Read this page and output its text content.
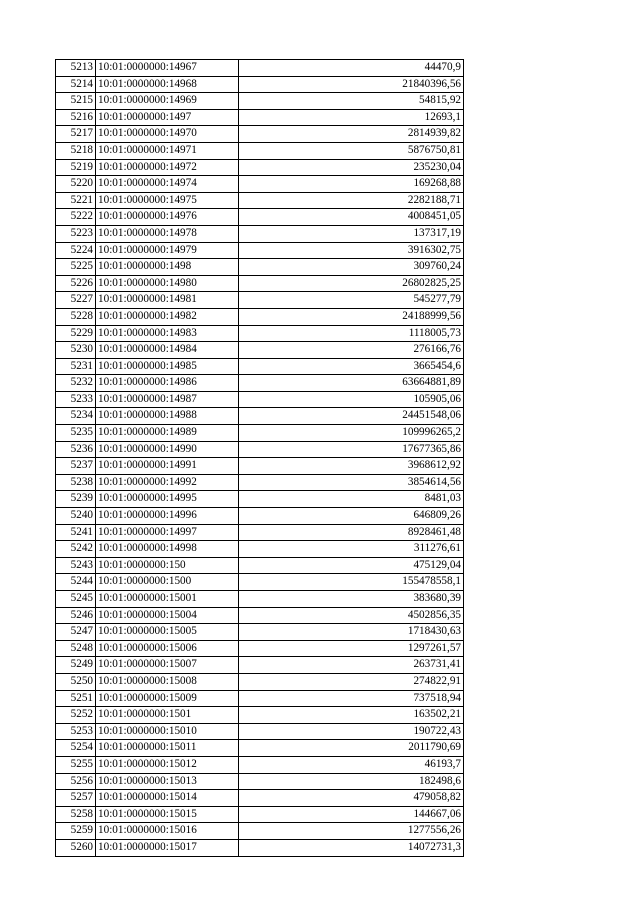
5213	10:01:0000000:14967	44470,9
5214	10:01:0000000:14968	21840396,56
5215	10:01:0000000:14969	54815,92
5216	10:01:0000000:1497	12693,1
5217	10:01:0000000:14970	2814939,82
5218	10:01:0000000:14971	5876750,81
5219	10:01:0000000:14972	235230,04
5220	10:01:0000000:14974	169268,88
5221	10:01:0000000:14975	2282188,71
5222	10:01:0000000:14976	4008451,05
5223	10:01:0000000:14978	137317,19
5224	10:01:0000000:14979	3916302,75
5225	10:01:0000000:1498	309760,24
5226	10:01:0000000:14980	26802825,25
5227	10:01:0000000:14981	545277,79
5228	10:01:0000000:14982	24188999,56
5229	10:01:0000000:14983	1118005,73
5230	10:01:0000000:14984	276166,76
5231	10:01:0000000:14985	3665454,6
5232	10:01:0000000:14986	63664881,89
5233	10:01:0000000:14987	105905,06
5234	10:01:0000000:14988	24451548,06
5235	10:01:0000000:14989	109996265,2
5236	10:01:0000000:14990	17677365,86
5237	10:01:0000000:14991	3968612,92
5238	10:01:0000000:14992	3854614,56
5239	10:01:0000000:14995	8481,03
5240	10:01:0000000:14996	646809,26
5241	10:01:0000000:14997	8928461,48
5242	10:01:0000000:14998	311276,61
5243	10:01:0000000:150	475129,04
5244	10:01:0000000:1500	155478558,1
5245	10:01:0000000:15001	383680,39
5246	10:01:0000000:15004	4502856,35
5247	10:01:0000000:15005	1718430,63
5248	10:01:0000000:15006	1297261,57
5249	10:01:0000000:15007	263731,41
5250	10:01:0000000:15008	274822,91
5251	10:01:0000000:15009	737518,94
5252	10:01:0000000:1501	163502,21
5253	10:01:0000000:15010	190722,43
5254	10:01:0000000:15011	2011790,69
5255	10:01:0000000:15012	46193,7
5256	10:01:0000000:15013	182498,6
5257	10:01:0000000:15014	479058,82
5258	10:01:0000000:15015	144667,06
5259	10:01:0000000:15016	1277556,26
5260	10:01:0000000:15017	14072731,3
